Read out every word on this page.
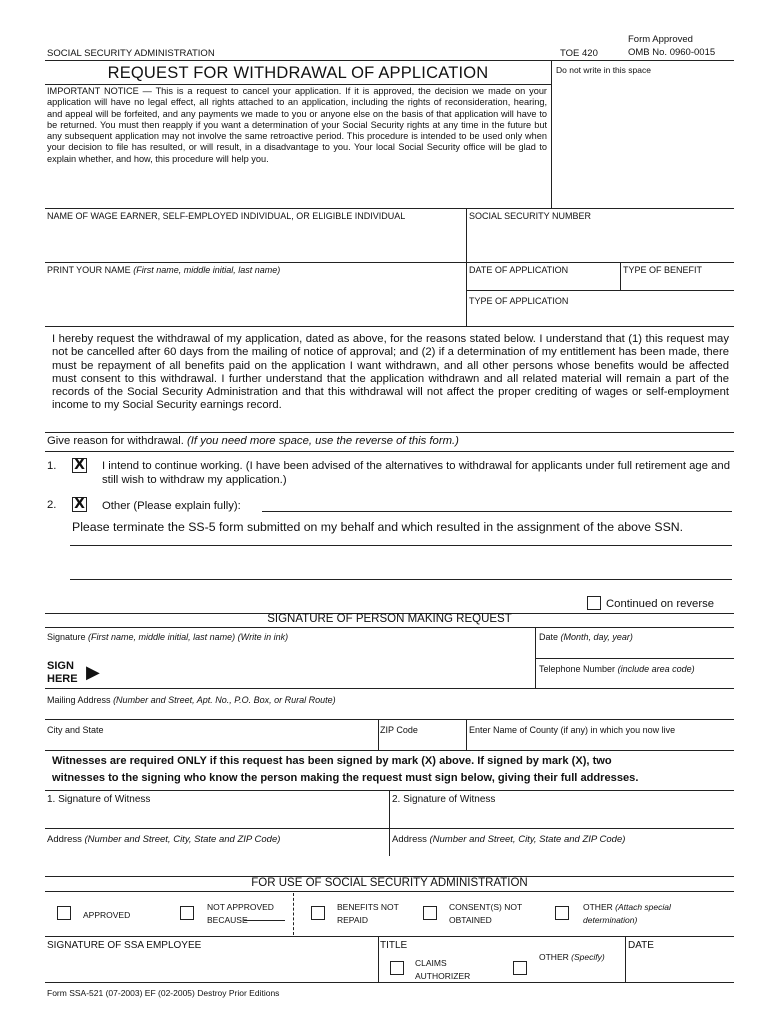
SOCIAL SECURITY ADMINISTRATION	TOE 420
Form Approved
OMB No. 0960-0015
REQUEST FOR WITHDRAWAL OF APPLICATION	Do not write in this space
IMPORTANT NOTICE — This is a request to cancel your application. If it is approved, the decision we made on your application will have no legal effect, all rights attached to an application, including the rights of reconsideration, hearing, and appeal will be forfeited, and any payments we made to you or anyone else on the basis of that application will have to be returned. You must then reapply if you want a determination of your Social Security rights at any time in the future but any subsequent application may not involve the same retroactive period. This procedure is intended to be used only when your decision to file has resulted, or will result, in a disadvantage to you. Your local Social Security office will be glad to explain whether, and how, this procedure will help you.
NAME OF WAGE EARNER, SELF-EMPLOYED INDIVIDUAL, OR ELIGIBLE INDIVIDUAL	SOCIAL SECURITY NUMBER
PRINT YOUR NAME (First name, middle initial, last name)	DATE OF APPLICATION	TYPE OF BENEFIT
TYPE OF APPLICATION
I hereby request the withdrawal of my application, dated as above, for the reasons stated below. I understand that (1) this request may not be cancelled after 60 days from the mailing of notice of approval; and (2) if a determination of my entitlement has been made, there must be repayment of all benefits paid on the application I want withdrawn, and all other persons whose benefits would be affected must consent to this withdrawal. I further understand that the application withdrawn and all related material will remain a part of the records of the Social Security Administration and that this withdrawal will not affect the proper crediting of wages or self-employment income to my Social Security earnings record.
Give reason for withdrawal. (If you need more space, use the reverse of this form.)
1. X I intend to continue working. (I have been advised of the alternatives to withdrawal for applicants under full retirement age and still wish to withdraw my application.)
2. X Other (Please explain fully):
Please terminate the SS-5 form submitted on my behalf and which resulted in the assignment of the above SSN.
Continued on reverse
SIGNATURE OF PERSON MAKING REQUEST
Signature (First name, middle initial, last name) (Write in ink)	Date (Month, day, year)
SIGN
HERE ▶	Telephone Number (include area code)
Mailing Address (Number and Street, Apt. No., P.O. Box, or Rural Route)
City and State	ZIP Code	Enter Name of County (if any) in which you now live
Witnesses are required ONLY if this request has been signed by mark (X) above. If signed by mark (X), two
witnesses to the signing who know the person making the request must sign below, giving their full addresses.
1. Signature of Witness	2. Signature of Witness
Address (Number and Street, City, State and ZIP Code)	Address (Number and Street, City, State and ZIP Code)
FOR USE OF SOCIAL SECURITY ADMINISTRATION
APPROVED
NOT APPROVED
BECAUSE
BENEFITS NOT
REPAID
CONSENT(S) NOT
OBTAINED
OTHER (Attach special
determination)
SIGNATURE OF SSA EMPLOYEE	TITLE
CLAIMS
AUTHORIZER
OTHER (Specify)
DATE
Form SSA-521 (07-2003) EF (02-2005) Destroy Prior Editions
